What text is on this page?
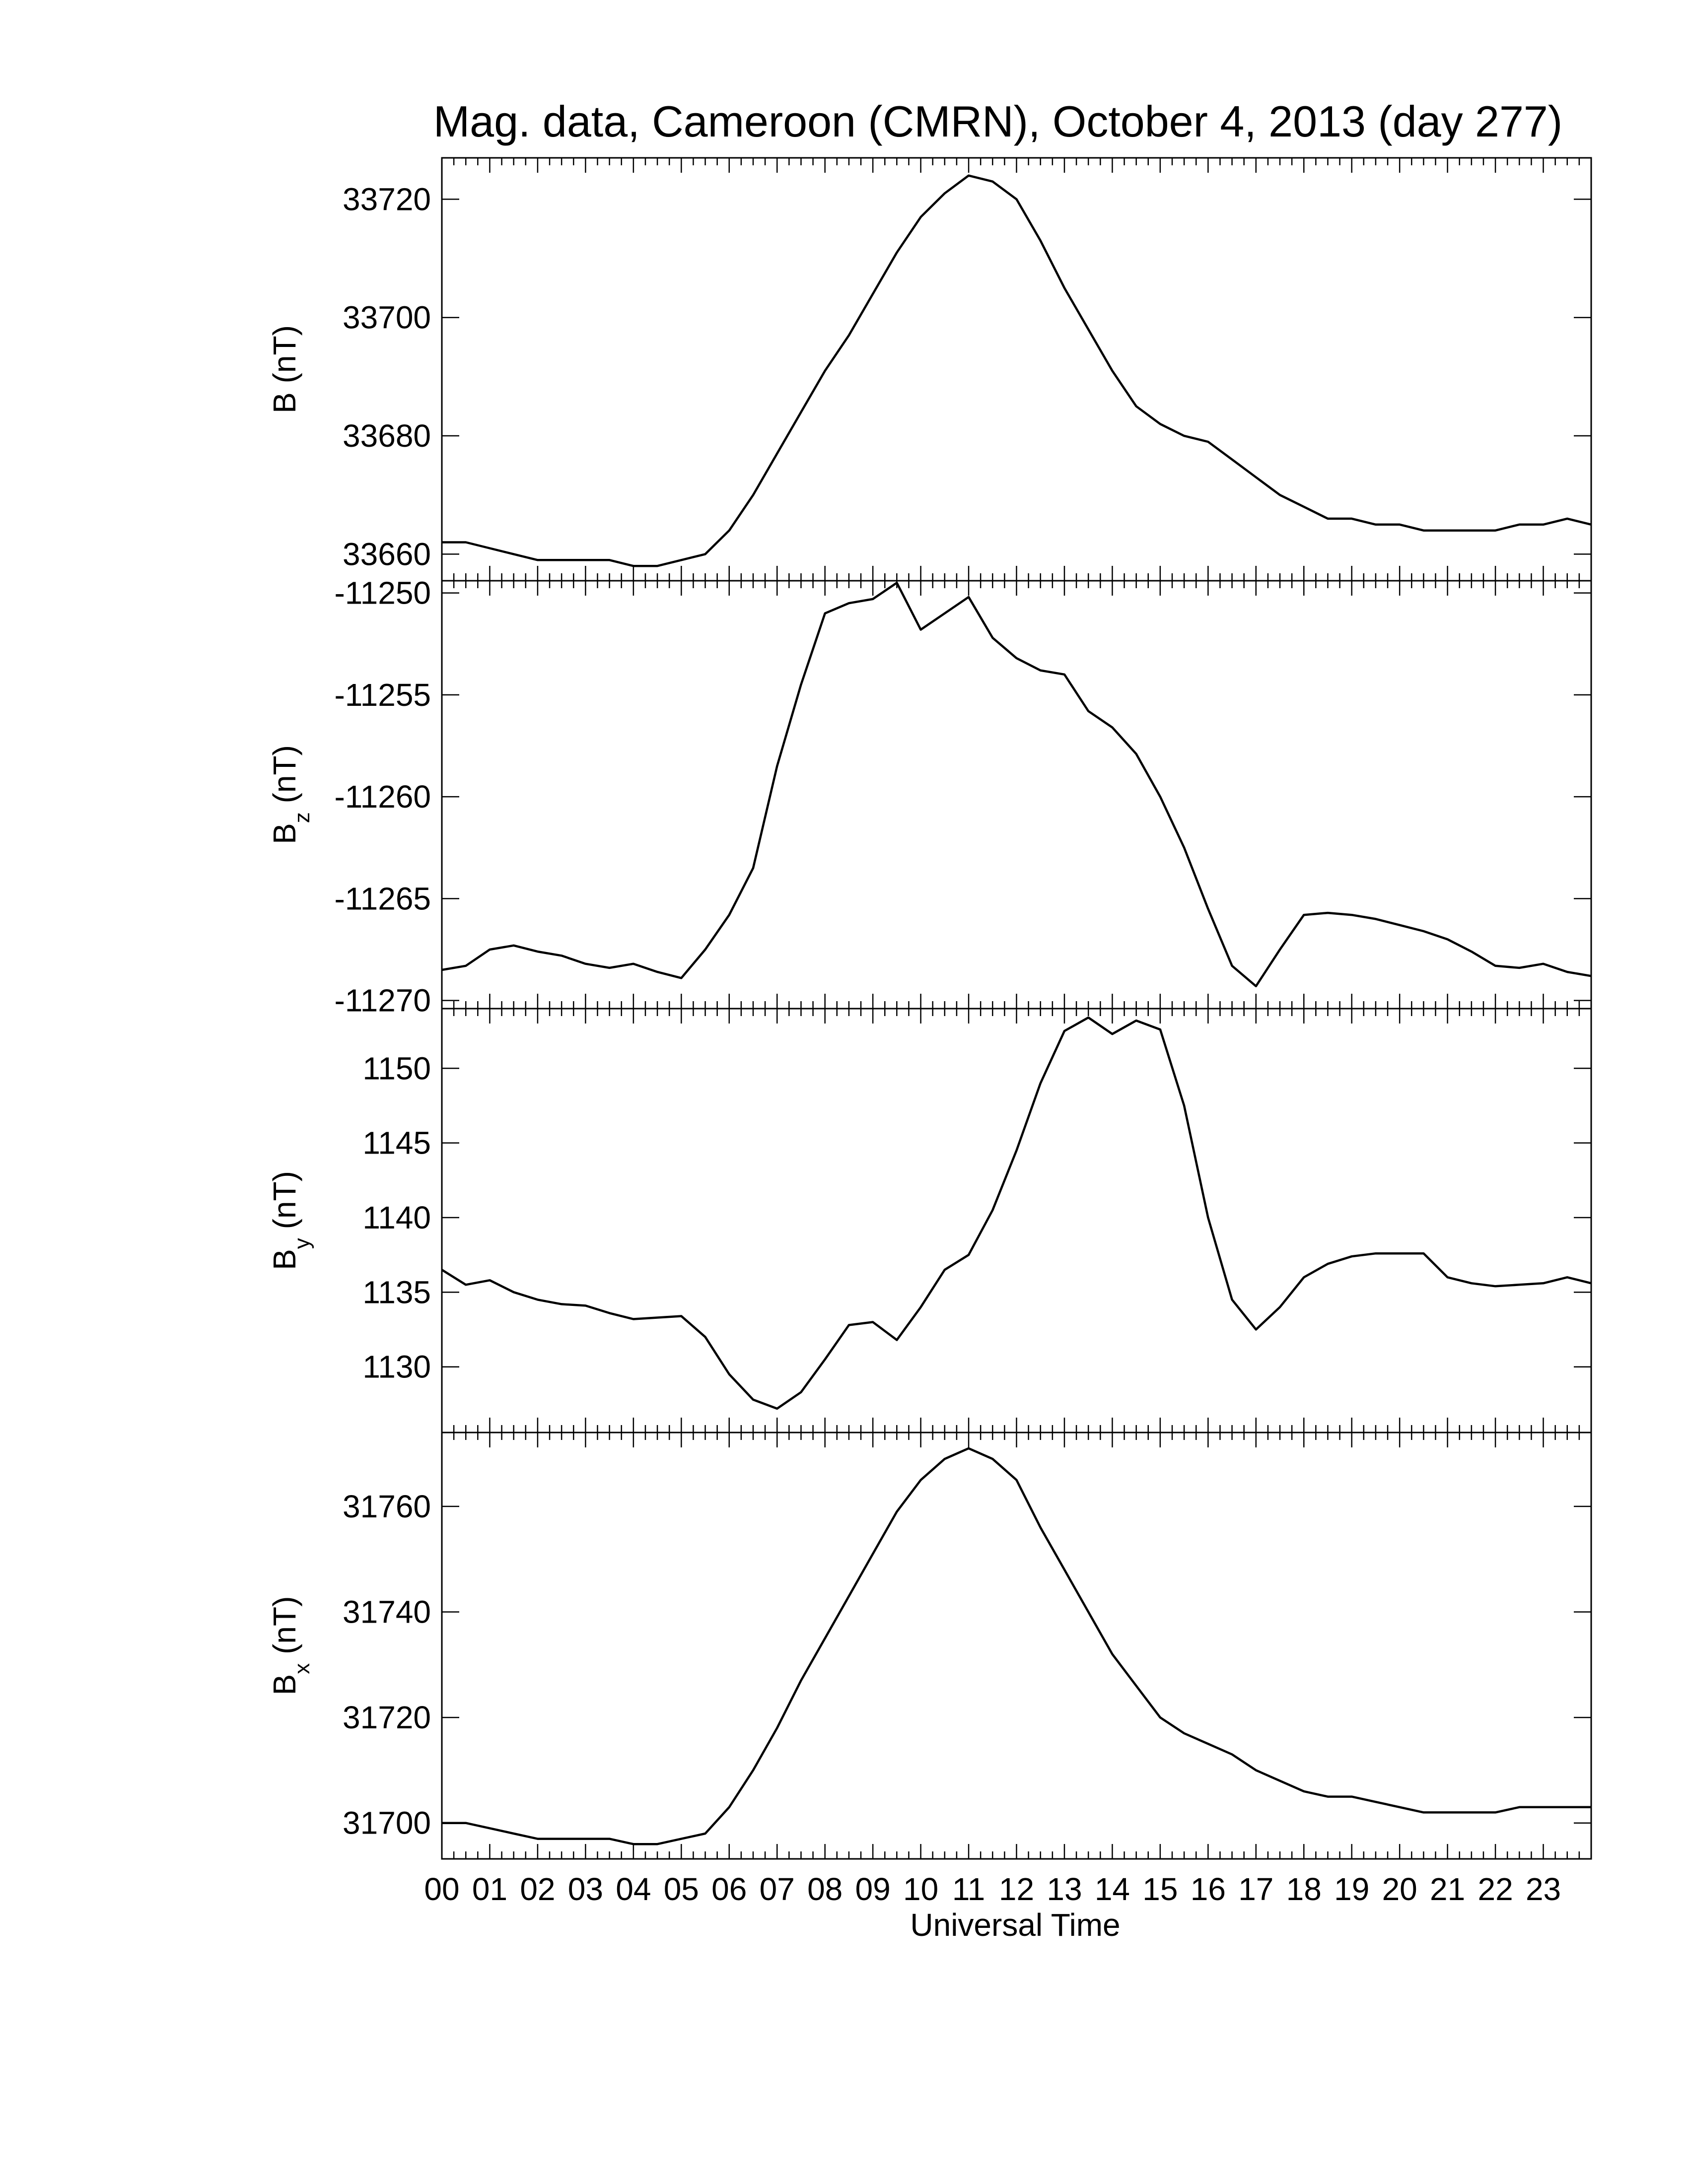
Mag. data, Cameroon (CMRN), October 4, 2013 (day 277)
33660
33680
33700
33720
B (nT)
-11270
-11265
-11260
-11255
-11250
$B_z$ (nT)
1130
1135
1140
1145
1150
$B_y$ (nT)
31700
31720
31740
31760
$B_x$ (nT)
00 01 02 03 04 05 06 07 08 09 10 11 12 13 14 15 16 17 18 19 20 21 22 23
Universal Time
